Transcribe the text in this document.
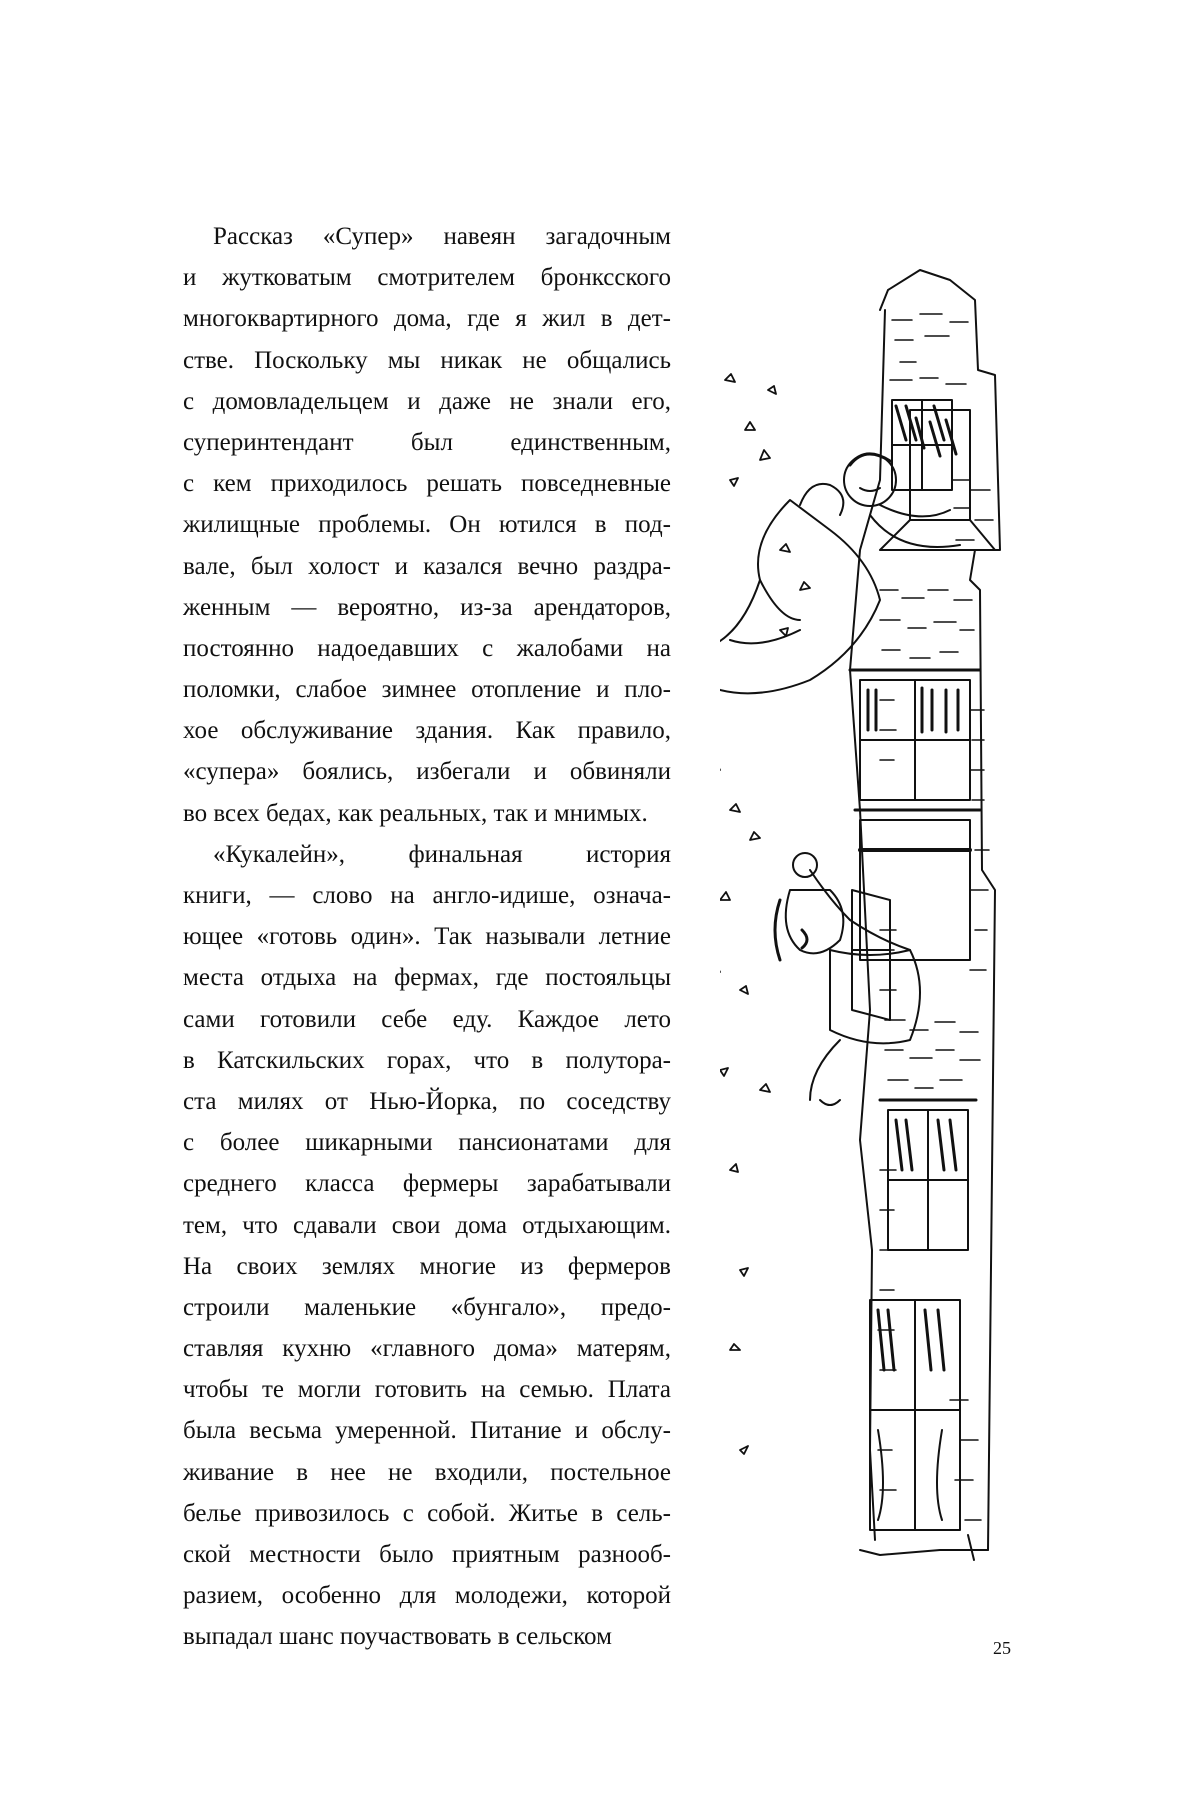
Рассказ «Супер» навеян загадочным
и жутковатым смотрителем бронксского
многоквартирного дома, где я жил в дет-
стве. Поскольку мы никак не общались
с домовладельцем и даже не знали его,
суперинтендант был единственным,
с кем приходилось решать повседневные
жилищные проблемы. Он ютился в под-
вале, был холост и казался вечно раздра-
женным — вероятно, из-за арендаторов,
постоянно надоедавших с жалобами на
поломки, слабое зимнее отопление и пло-
хое обслуживание здания. Как правило,
«супера» боялись, избегали и обвиняли
во всех бедах, как реальных, так и мнимых.
«Кукалейн», финальная история
книги, — слово на англо-идише, означа-
ющее «готовь один». Так называли летние
места отдыха на фермах, где постояльцы
сами готовили себе еду. Каждое лето
в Катскильских горах, что в полутора-
ста милях от Нью-Йорка, по соседству
с более шикарными пансионатами для
среднего класса фермеры зарабатывали
тем, что сдавали свои дома отдыхающим.
На своих землях многие из фермеров
строили маленькие «бунгало», предо-
ставляя кухню «главного дома» матерям,
чтобы те могли готовить на семью. Плата
была весьма умеренной. Питание и обслу-
живание в нее не входили, постельное
белье привозилось с собой. Житье в сель-
ской местности было приятным разнооб-
разием, особенно для молодежи, которой
выпадал шанс поучаствовать в сельском	25
